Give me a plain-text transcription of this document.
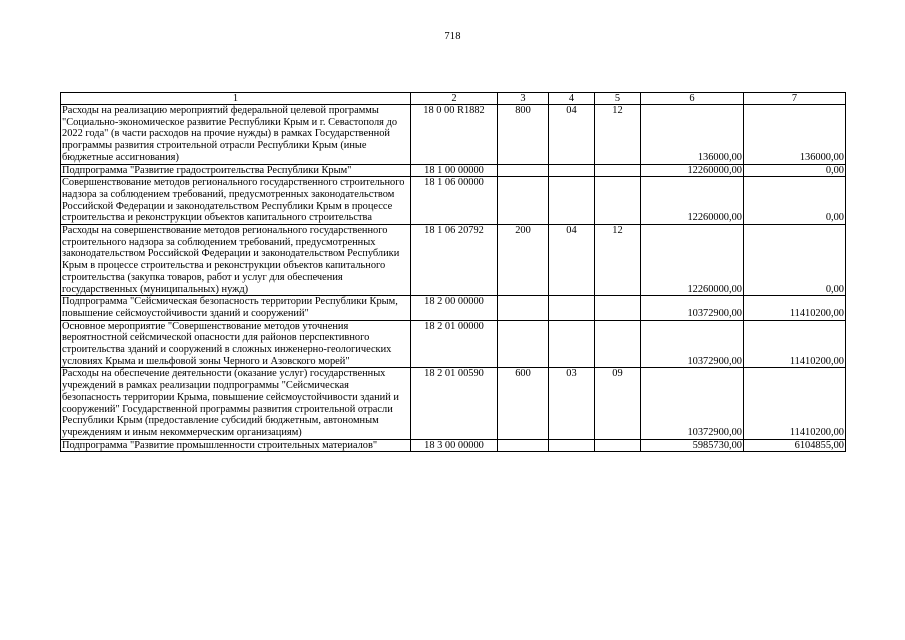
718
1	2	3	4	5	6	7
Расходы на реализацию мероприятий федеральной целевой программы "Социально-экономическое развитие Республики Крым и г. Севастополя до 2022 года" (в части расходов на прочие нужды) в рамках Государственной программы развития строительной отрасли Республики Крым (иные бюджетные ассигнования)	18 0 00 R1882	800	04	12	136000,00	136000,00
Подпрограмма "Развитие градостроительства Республики Крым"	18 1 00 00000				12260000,00	0,00
Совершенствование методов регионального государственного строительного надзора за соблюдением требований, предусмотренных законодательством Российской Федерации и законодательством Республики Крым в процессе строительства и реконструкции объектов капитального строительства	18 1 06 00000				12260000,00	0,00
Расходы на совершенствование методов регионального государственного строительного надзора за соблюдением требований, предусмотренных законодательством Российской Федерации и законодательством Республики Крым в процессе строительства и реконструкции объектов капитального строительства (закупка товаров, работ и услуг для обеспечения государственных (муниципальных) нужд)	18 1 06 20792	200	04	12	12260000,00	0,00
Подпрограмма "Сейсмическая безопасность территории Республики Крым, повышение сейсмоустойчивости зданий и сооружений"	18 2 00 00000				10372900,00	11410200,00
Основное мероприятие "Совершенствование методов уточнения вероятностной сейсмической опасности для районов перспективного строительства зданий и сооружений в сложных инженерно-геологических условиях Крыма и шельфовой зоны Черного и Азовского морей"	18 2 01 00000				10372900,00	11410200,00
Расходы на обеспечение деятельности (оказание услуг) государственных учреждений в рамках реализации подпрограммы "Сейсмическая безопасность территории Крыма, повышение сейсмоустойчивости зданий и сооружений" Государственной программы развития строительной отрасли Республики Крым (предоставление субсидий бюджетным, автономным учреждениям и иным некоммерческим организациям)	18 2 01 00590	600	03	09	10372900,00	11410200,00
Подпрограмма "Развитие промышленности строительных материалов"	18 3 00 00000				5985730,00	6104855,00
